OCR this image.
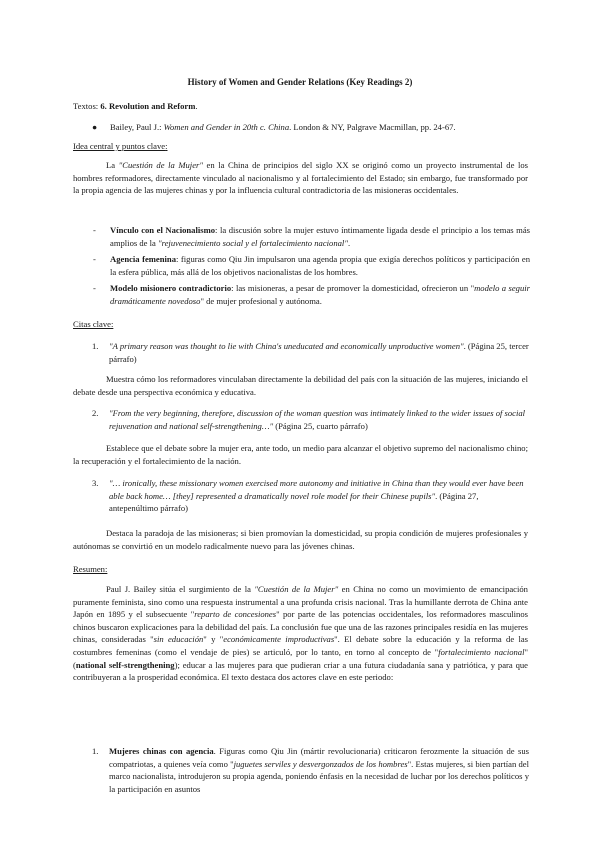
History of Women and Gender Relations (Key Readings 2)
Textos: 6. Revolution and Reform.
● Bailey, Paul J.: Women and Gender in 20th c. China. London & NY, Palgrave Macmillan, pp. 24-67.
Idea central y puntos clave:
La "Cuestión de la Mujer" en la China de principios del siglo XX se originó como un proyecto instrumental de los hombres reformadores, directamente vinculado al nacionalismo y al fortalecimiento del Estado; sin embargo, fue transformado por la propia agencia de las mujeres chinas y por la influencia cultural contradictoria de las misioneras occidentales.
- Vínculo con el Nacionalismo: la discusión sobre la mujer estuvo íntimamente ligada desde el principio a los temas más amplios de la "rejuvenecimiento social y el fortalecimiento nacional".
- Agencia femenina: figuras como Qiu Jin impulsaron una agenda propia que exigía derechos políticos y participación en la esfera pública, más allá de los objetivos nacionalistas de los hombres.
- Modelo misionero contradictorio: las misioneras, a pesar de promover la domesticidad, ofrecieron un "modelo a seguir dramáticamente novedoso" de mujer profesional y autónoma.
Citas clave:
1. "A primary reason was thought to lie with China's uneducated and economically unproductive women". (Página 25, tercer párrafo)
Muestra cómo los reformadores vinculaban directamente la debilidad del país con la situación de las mujeres, iniciando el debate desde una perspectiva económica y educativa.
2. "From the very beginning, therefore, discussion of the woman question was intimately linked to the wider issues of social rejuvenation and national self-strengthening…" (Página 25, cuarto párrafo)
Establece que el debate sobre la mujer era, ante todo, un medio para alcanzar el objetivo supremo del nacionalismo chino; la recuperación y el fortalecimiento de la nación.
3. "… ironically, these missionary women exercised more autonomy and initiative in China than they would ever have been able back home… [they] represented a dramatically novel role model for their Chinese pupils". (Página 27, antepenúltimo párrafo)
Destaca la paradoja de las misioneras; si bien promovían la domesticidad, su propia condición de mujeres profesionales y autónomas se convirtió en un modelo radicalmente nuevo para las jóvenes chinas.
Resumen:
Paul J. Bailey sitúa el surgimiento de la "Cuestión de la Mujer" en China no como un movimiento de emancipación puramente feminista, sino como una respuesta instrumental a una profunda crisis nacional. Tras la humillante derrota de China ante Japón en 1895 y el subsecuente "reparto de concesiones" por parte de las potencias occidentales, los reformadores masculinos chinos buscaron explicaciones para la debilidad del país. La conclusión fue que una de las razones principales residía en las mujeres chinas, consideradas "sin educación" y "económicamente improductivas". El debate sobre la educación y la reforma de las costumbres femeninas (como el vendaje de pies) se articuló, por lo tanto, en torno al concepto de "fortalecimiento nacional" (national self-strengthening); educar a las mujeres para que pudieran criar a una futura ciudadanía sana y patriótica, y para que contribuyeran a la prosperidad económica. El texto destaca dos actores clave en este periodo:
1. Mujeres chinas con agencia. Figuras como Qiu Jin (mártir revolucionaria) criticaron ferozmente la situación de sus compatriotas, a quienes veía como "juguetes serviles y desvergonzados de los hombres". Estas mujeres, si bien partían del marco nacionalista, introdujeron su propia agenda, poniendo énfasis en la necesidad de luchar por los derechos políticos y la participación en asuntos
